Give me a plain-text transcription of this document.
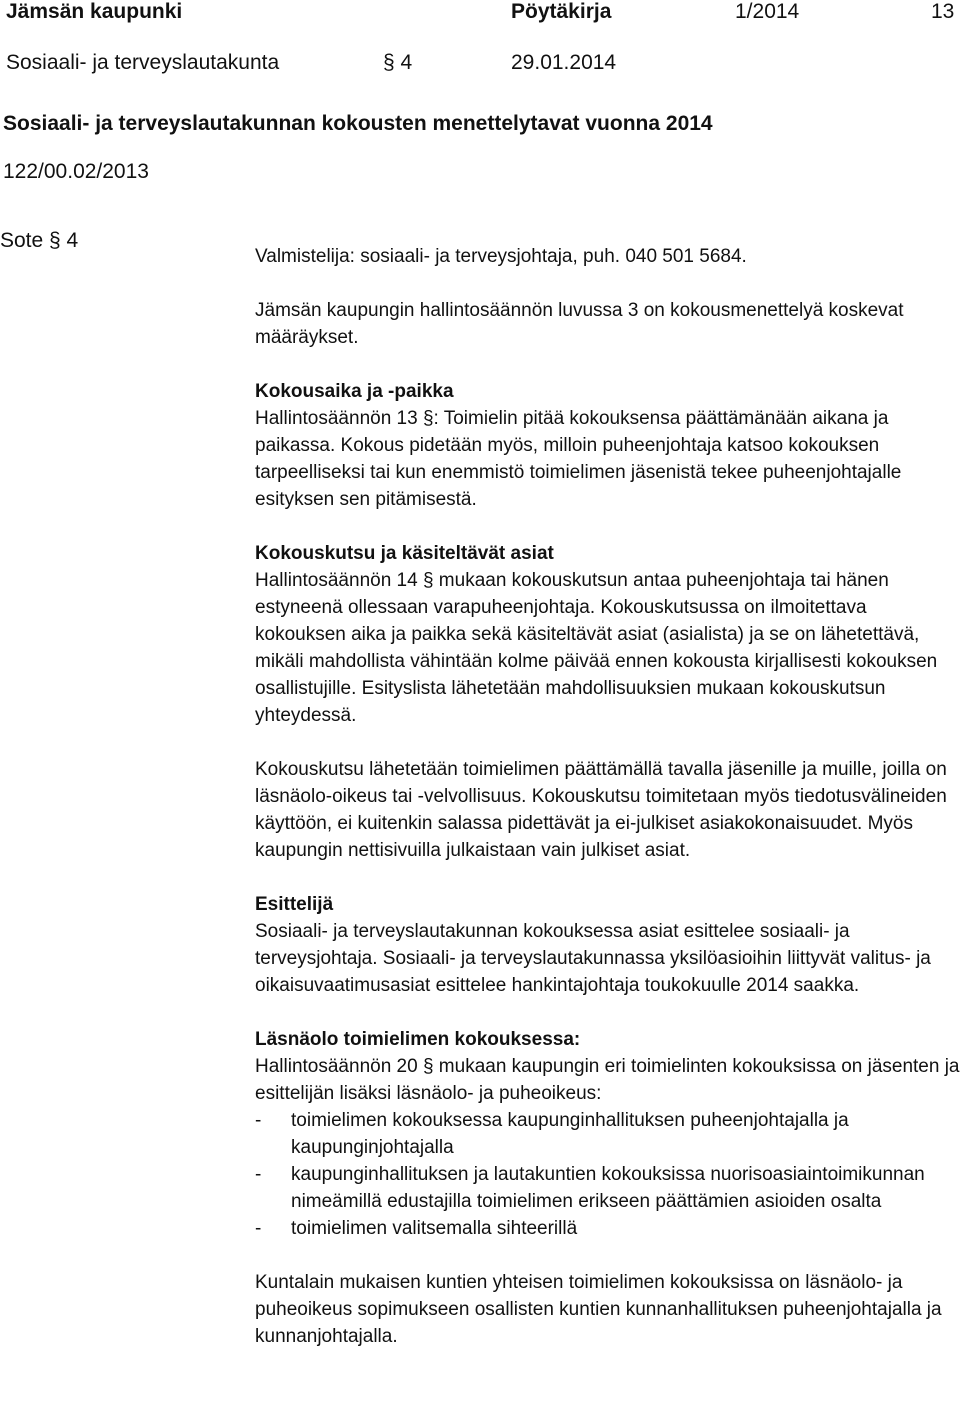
Jämsän kaupunki	Pöytäkirja	1/2014	13
Sosiaali- ja terveyslautakunta	§ 4	29.01.2014
Sosiaali- ja terveyslautakunnan kokousten menettelytavat vuonna 2014
122/00.02/2013
Sote § 4

Valmistelija: sosiaali- ja terveysjohtaja, puh. 040 501 5684.

Jämsän kaupungin hallintosäännön luvussa 3 on kokousmenettelyä koskevat määräykset.

Kokousaika ja -paikka

Hallintosäännön 13 §: Toimielin pitää kokouksensa päättämänään aikana ja paikassa. Kokous pidetään myös, milloin puheenjohtaja katsoo kokouksen tarpeelliseksi tai kun enemmistö toimielimen jäsenistä tekee puheenjohtajalle esityksen sen pitämisestä.

Kokouskutsu ja käsiteltävät asiat

Hallintosäännön 14 § mukaan kokouskutsun antaa puheenjohtaja tai hänen estyneenä ollessaan varapuheenjohtaja. Kokouskutsussa on ilmoitettava kokouksen aika ja paikka sekä käsiteltävät asiat (asialista) ja se on lähetettävä, mikäli mahdollista vähintään kolme päivää ennen kokousta kirjallisesti kokouksen osallistujille. Esityslista lähetetään mahdollisuuksien mukaan kokouskutsun yhteydessä.

Kokouskutsu lähetetään toimielimen päättämällä tavalla jäsenille ja muille, joilla on läsnäolo-oikeus tai -velvollisuus. Kokouskutsu toimitetaan myös tiedotusvälineiden käyttöön, ei kuitenkin salassa pidettävät ja ei-julkiset asiakokonaisuudet. Myös kaupungin nettisivuilla julkaistaan vain julkiset asiat.

Esittelijä

Sosiaali- ja terveyslautakunnan kokouksessa asiat esittelee sosiaali- ja terveysjohtaja. Sosiaali- ja terveyslautakunnassa yksilöasioihin liittyvät valitus- ja oikaisuvaatimusasiat esittelee hankintajohtaja toukokuulle 2014 saakka.

Läsnäolo toimielimen kokouksessa:

Hallintosäännön 20 § mukaan kaupungin eri toimielinten kokouksissa on jäsenten ja esittelijän lisäksi läsnäolo- ja puheoikeus:

- toimielimen kokouksessa kaupunginhallituksen puheenjohtajalla ja kaupunginjohtajalla
- kaupunginhallituksen ja lautakuntien kokouksissa nuorisoasiaintoimikunnan nimeämillä edustajilla toimielimen erikseen päättämien asioiden osalta
- toimielimen valitsemalla sihteerillä

Kuntalain mukaisen kuntien yhteisen toimielimen kokouksissa on läsnäolo- ja puheoikeus sopimukseen osallisten kuntien kunnanhallituksen puheenjohtajalla ja kunnanjohtajalla.
